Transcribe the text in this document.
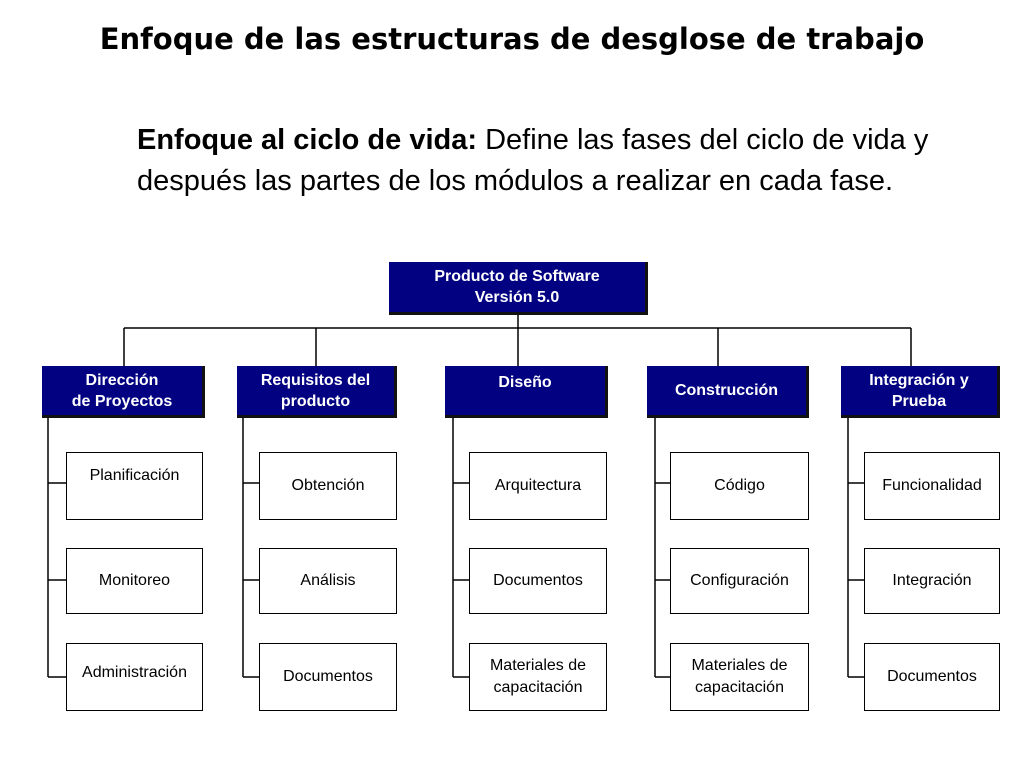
Enfoque de las estructuras de desglose de trabajo
Enfoque al ciclo de vida: Define las fases del ciclo de vida y después las partes de los módulos a realizar en cada fase.
Producto de Software
Versión 5.0
Dirección
de Proyectos
Requisitos del
producto
Diseño	Construcción
Integración y
Prueba
Planificación
Monitoreo
Administración
Obtención
Análisis
Documentos
Arquitectura
Documentos
Materiales de
capacitación
Código
Configuración
Materiales de
capacitación
Funcionalidad
Integración
Documentos
